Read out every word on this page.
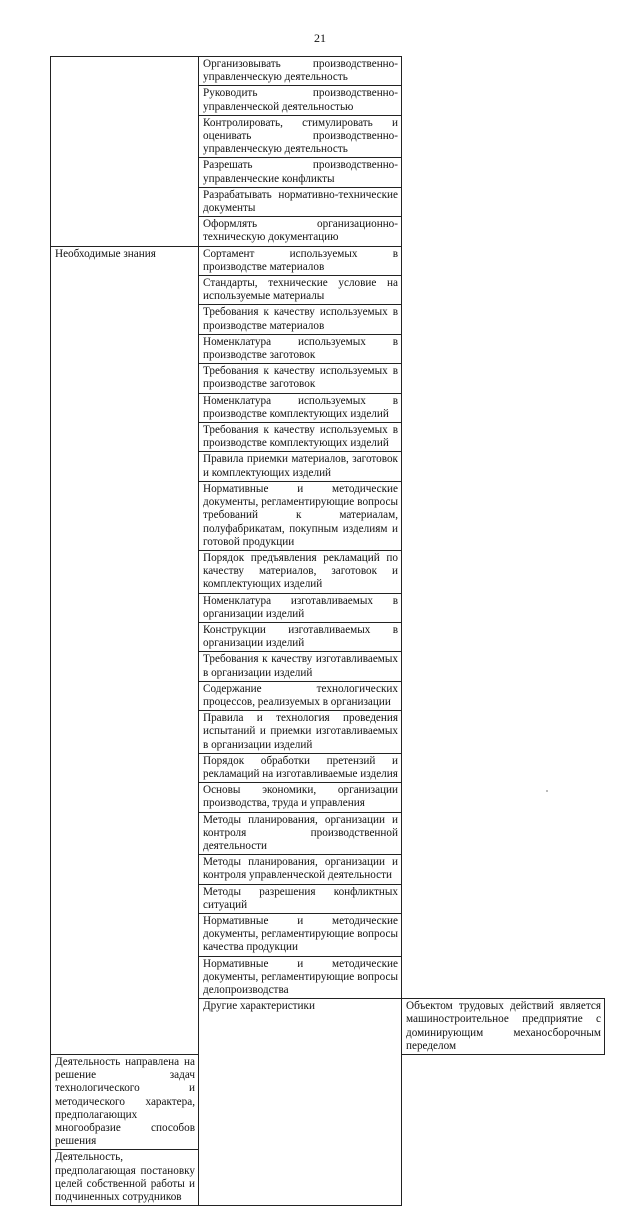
21
	Организовывать производственно-управленческую деятельность	
	Руководить производственно-управленческой деятельностью	
	Контролировать, стимулировать и оценивать производственно-управленческую деятельность	
	Разрешать производственно-управленческие конфликты	
	Разрабатывать нормативно-технические документы	
	Оформлять организационно-техническую документацию	
Необходимые знания	Сортамент используемых в производстве материалов	
	Стандарты, технические условие на используемые материалы	
	Требования к качеству используемых в производстве материалов	
	Номенклатура используемых в производстве заготовок	
	Требования к качеству используемых в производстве заготовок	
	Номенклатура используемых в производстве комплектующих изделий	
	Требования к качеству используемых в производстве комплектующих изделий	
	Правила приемки материалов, заготовок и комплектующих изделий	
	Нормативные и методические документы, регламентирующие вопросы требований к материалам, полуфабрикатам, покупным изделиям и готовой продукции	
	Порядок предъявления рекламаций по качеству материалов, заготовок и комплектующих изделий	
	Номенклатура изготавливаемых в организации изделий	
	Конструкции изготавливаемых в организации изделий	
	Требования к качеству изготавливаемых в организации изделий	
	Содержание технологических процессов, реализуемых в организации	
	Правила и технология проведения испытаний и приемки изготавливаемых в организации изделий	
	Порядок обработки претензий и рекламаций на изготавливаемые изделия	
	Основы экономики, организации производства, труда и управления	
	Методы планирования, организации и контроля производственной деятельности	
	Методы планирования, организации и контроля управленческой деятельности	
	Методы разрешения конфликтных ситуаций	
	Нормативные и методические документы, регламентирующие вопросы качества продукции	
	Нормативные и методические документы, регламентирующие вопросы делопроизводства	
	Другие характеристики	Объектом трудовых действий является машиностроительное предприятие с доминирующим механосборочным переделом
Деятельность направлена на решение задач технологического и методического характера, предполагающих многообразие способов решения		
Деятельность, предполагающая постановку целей собственной работы и подчиненных сотрудников		
